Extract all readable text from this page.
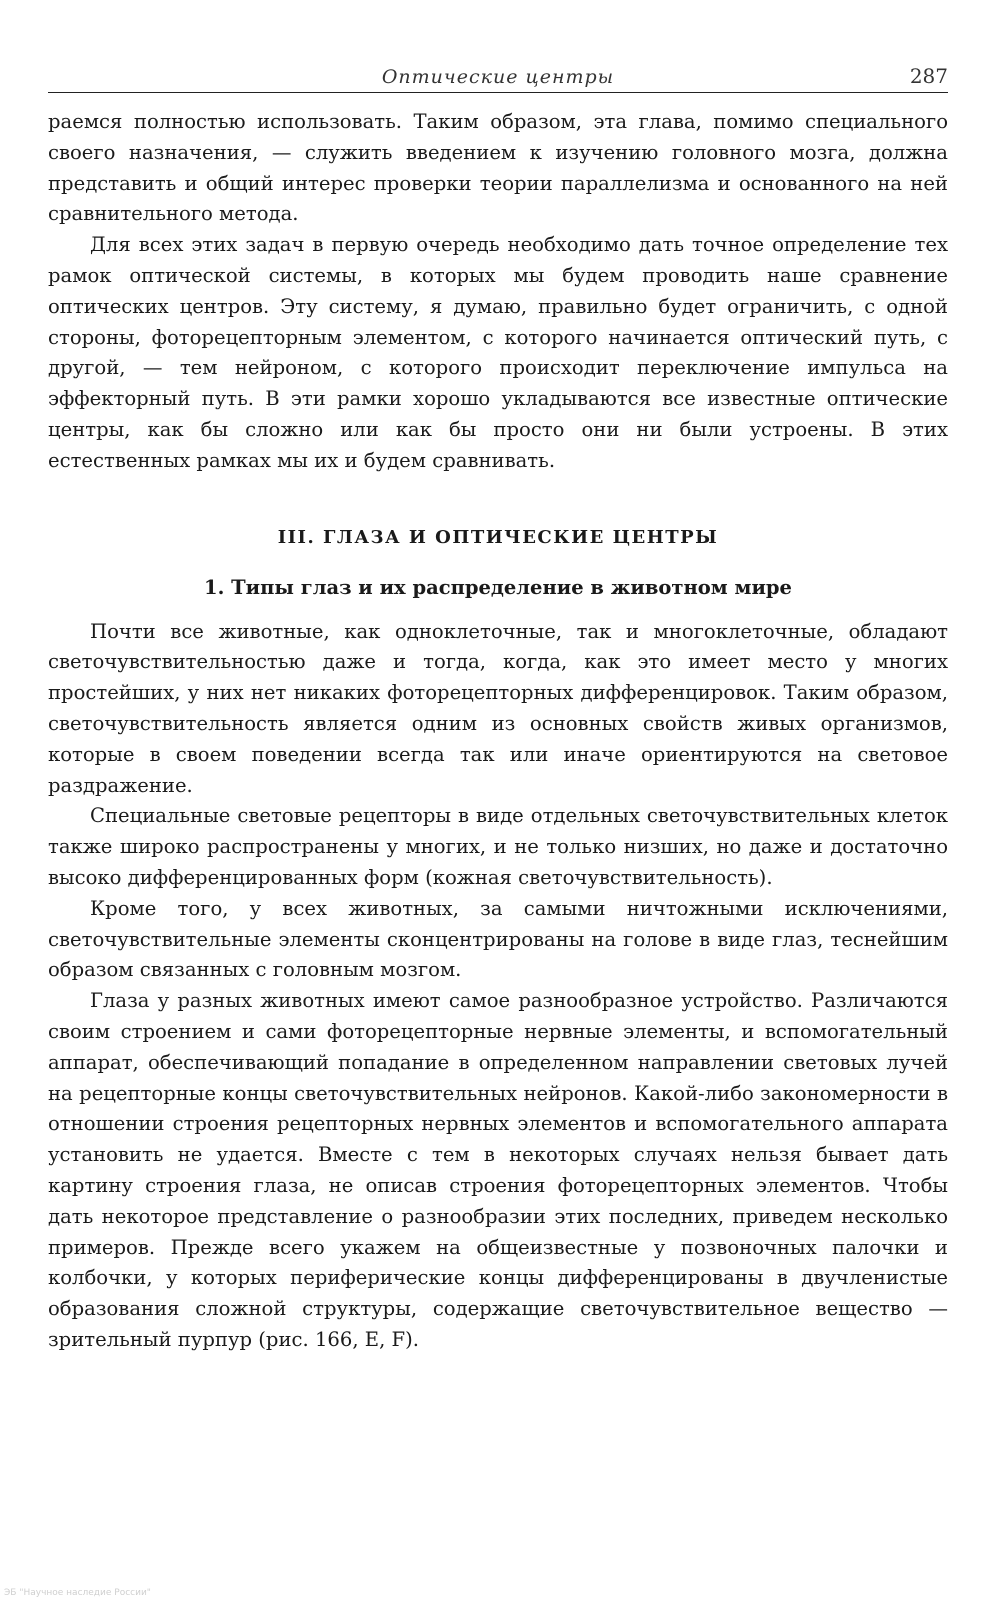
Оптические центры	287

раемся полностью использовать. Таким образом, эта глава, помимо специального своего назначения, — служить введением к изучению головного мозга, должна представить и общий интерес проверки теории параллелизма и основанного на ней сравнительного метода.

Для всех этих задач в первую очередь необходимо дать точное определение тех рамок оптической системы, в которых мы будем проводить наше сравнение оптических центров. Эту систему, я думаю, правильно будет ограничить, с одной стороны, фоторецепторным элементом, с которого начинается оптический путь, с другой, — тем нейроном, с которого происходит переключение импульса на эффекторный путь. В эти рамки хорошо укладываются все известные оптические центры, как бы сложно или как бы просто они ни были устроены. В этих естественных рамках мы их и будем сравнивать.

III. ГЛАЗА И ОПТИЧЕСКИЕ ЦЕНТРЫ
1. Типы глаз и их распределение в животном мире

Почти все животные, как одноклеточные, так и многоклеточные, обладают светочувствительностью даже и тогда, когда, как это имеет место у многих простейших, у них нет никаких фоторецепторных дифференцировок. Таким образом, светочувствительность является одним из основных свойств живых организмов, которые в своем поведении всегда так или иначе ориентируются на световое раздражение.

Специальные световые рецепторы в виде отдельных светочувствительных клеток также широко распространены у многих, и не только низших, но даже и достаточно высоко дифференцированных форм (кожная светочувствительность).

Кроме того, у всех животных, за самыми ничтожными исключениями, светочувствительные элементы сконцентрированы на голове в виде глаз, теснейшим образом связанных с головным мозгом.

Глаза у разных животных имеют самое разнообразное устройство. Различаются своим строением и сами фоторецепторные нервные элементы, и вспомогательный аппарат, обеспечивающий попадание в определенном направлении световых лучей на рецепторные концы светочувствительных нейронов. Какой-либо закономерности в отношении строения рецепторных нервных элементов и вспомогательного аппарата установить не удается. Вместе с тем в некоторых случаях нельзя бывает дать картину строения глаза, не описав строения фоторецепторных элементов. Чтобы дать некоторое представление о разнообразии этих последних, приведем несколько примеров. Прежде всего укажем на общеизвестные у позвоночных палочки и колбочки, у которых периферические концы дифференцированы в двучленистые образования сложной структуры, содержащие светочувствительное вещество — зрительный пурпур (рис. 166, E, F).

ЭБ "Научное наследие России"
